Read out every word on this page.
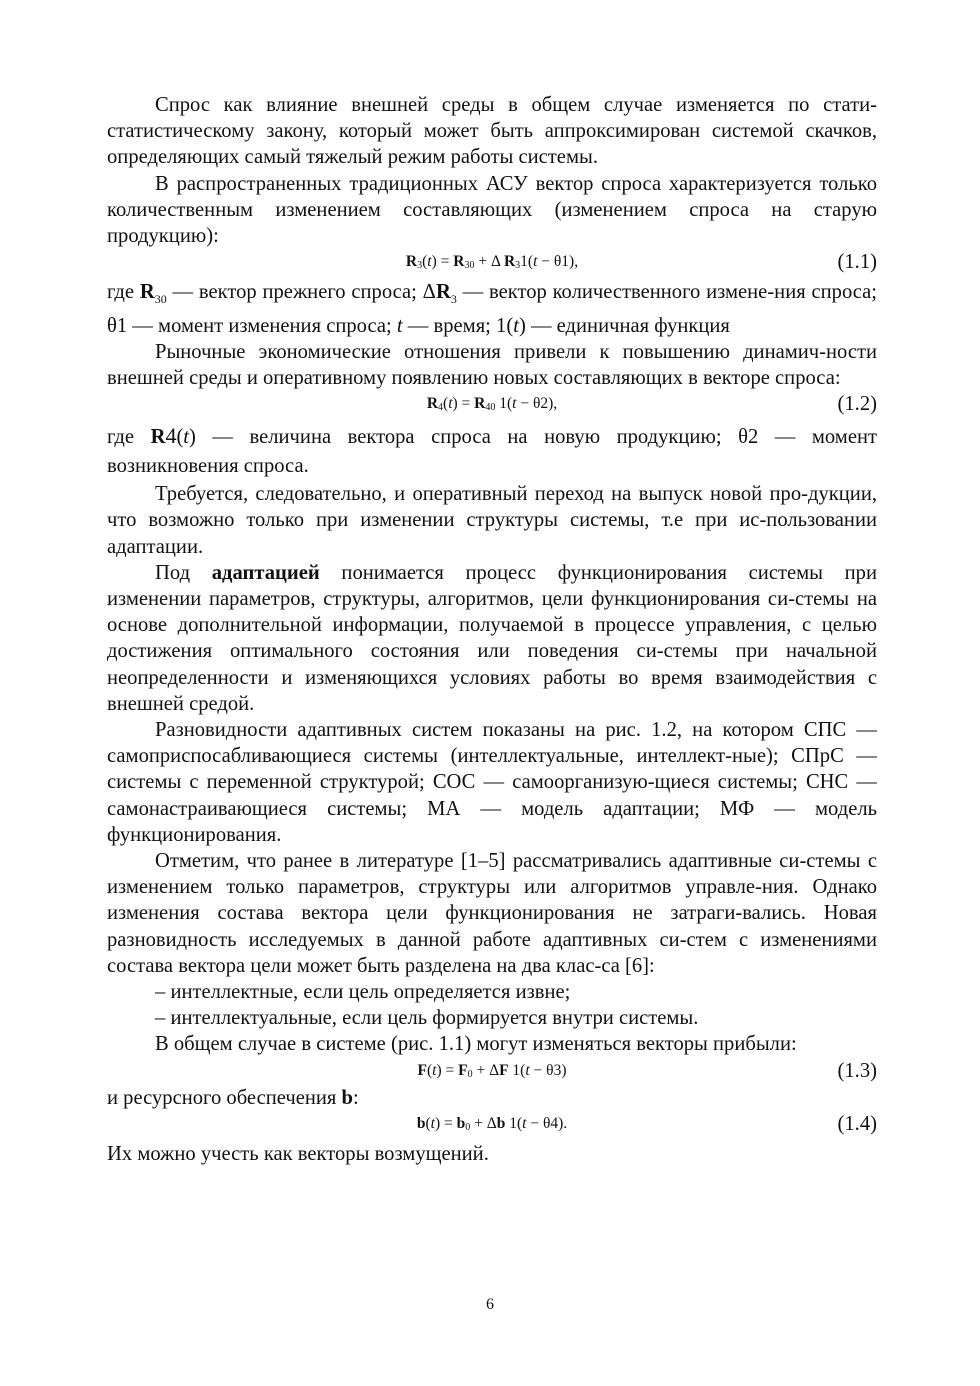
Спрос как влияние внешней среды в общем случае изменяется по стати-статистическому закону, который может быть аппроксимирован системой скачков, определяющих самый тяжелый режим работы системы.

В распространенных традиционных АСУ вектор спроса характеризуется только количественным изменением составляющих (изменением спроса на старую продукцию):

$R_3(t) = R_{30} + \Delta$ $R_31(t - \theta 1)$,	(1.1)

где $R_{30}$ — вектор прежнего спроса; $\Delta R_3$ — вектор количественного измене-ния спроса; θ1 — момент изменения спроса; t — время; 1(t) — единичная функция

Рыночные экономические отношения привели к повышению динамич-ности внешней среды и оперативному появлению новых составляющих в векторе спроса:

$R_4(t) = R_{40}$ 1(t − θ2),	(1.2)

где R4(t) — величина вектора спроса на новую продукцию; θ2 — момент возникновения спроса.

Требуется, следовательно, и оперативный переход на выпуск новой про-дукции, что возможно только при изменении структуры системы, т.е при ис-пользовании адаптации.

Под адаптацией понимается процесс функционирования системы при изменении параметров, структуры, алгоритмов, цели функционирования си-стемы на основе дополнительной информации, получаемой в процессе управления, с целью достижения оптимального состояния или поведения си-стемы при начальной неопределенности и изменяющихся условиях работы во время взаимодействия с внешней средой.

Разновидности адаптивных систем показаны на рис. 1.2, на котором СПС — самоприспосабливающиеся системы (интеллектуальные, интеллект-ные); СПрС — системы с переменной структурой; СОС — самоорганизую-щиеся системы; СНС — самонастраивающиеся системы; МА — модель адаптации; МФ — модель функционирования.

Отметим, что ранее в литературе [1–5] рассматривались адаптивные си-стемы с изменением только параметров, структуры или алгоритмов управле-ния. Однако изменения состава вектора цели функционирования не затраги-вались. Новая разновидность исследуемых в данной работе адаптивных си-стем с изменениями состава вектора цели может быть разделена на два клас-са [6]:

– интеллектные, если цель определяется извне;

– интеллектуальные, если цель формируется внутри системы.

В общем случае в системе (рис. 1.1) могут изменяться векторы прибыли:

$F(t) = F_0 + \Delta F$ 1(t − θ3)	(1.3)

и ресурсного обеспечения b:

$b(t) = b_0 + \Delta b$ 1(t − θ4).	(1.4)

Их можно учесть как векторы возмущений.

6
